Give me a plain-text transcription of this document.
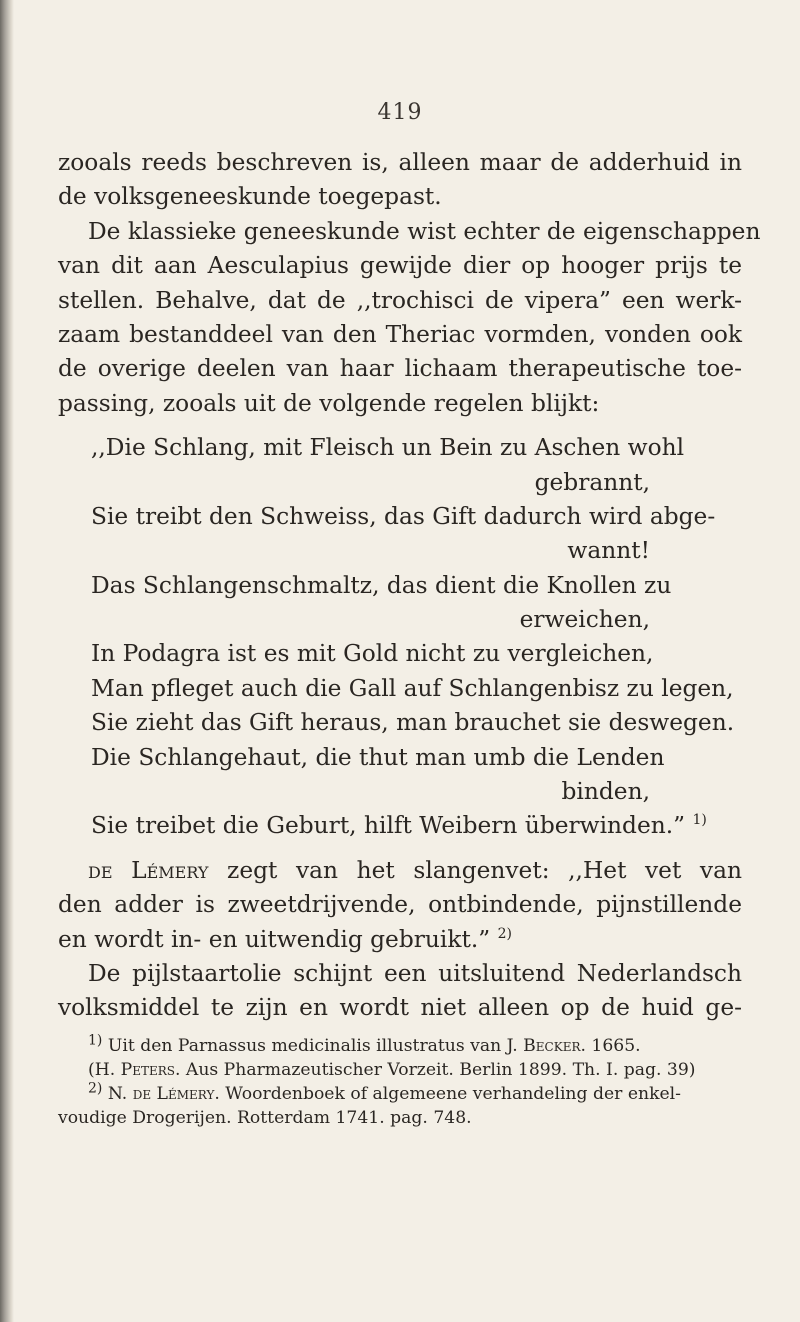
419
zooals reeds beschreven is, alleen maar de adderhuid in
de volksgeneeskunde toegepast.
De klassieke geneeskunde wist echter de eigenschappen
van dit aan Aesculapius gewijde dier op hooger prijs te
stellen. Behalve, dat de ,,trochisci de vipera” een werk-
zaam bestanddeel van den Theriac vormden, vonden ook
de overige deelen van haar lichaam therapeutische toe-
passing, zooals uit de volgende regelen blijkt:
,,Die Schlang, mit Fleisch un Bein zu Aschen wohl
gebrannt,
Sie treibt den Schweiss, das Gift dadurch wird abge-
wannt!
Das Schlangenschmaltz, das dient die Knollen zu
erweichen,
In Podagra ist es mit Gold nicht zu vergleichen,
Man pfleget auch die Gall auf Schlangenbisz zu legen,
Sie zieht das Gift heraus, man brauchet sie deswegen.
Die Schlangehaut, die thut man umb die Lenden
binden,
Sie treibet die Geburt, hilft Weibern überwinden.” $^{1)}$
de Lémery zegt van het slangenvet: ,,Het vet van
den adder is zweetdrijvende, ontbindende, pijnstillende
en wordt in- en uitwendig gebruikt.” $^{2)}$
De pijlstaartolie schijnt een uitsluitend Nederlandsch
volksmiddel te zijn en wordt niet alleen op de huid ge-
$^{1)}$ Uit den Parnassus medicinalis illustratus van J. Becker. 1665.
(H. Peters. Aus Pharmazeutischer Vorzeit. Berlin 1899. Th. I. pag. 39)
$^{2)}$ N. de Lémery. Woordenboek of algemeene verhandeling der enkel-
voudige Drogerijen. Rotterdam 1741. pag. 748.
